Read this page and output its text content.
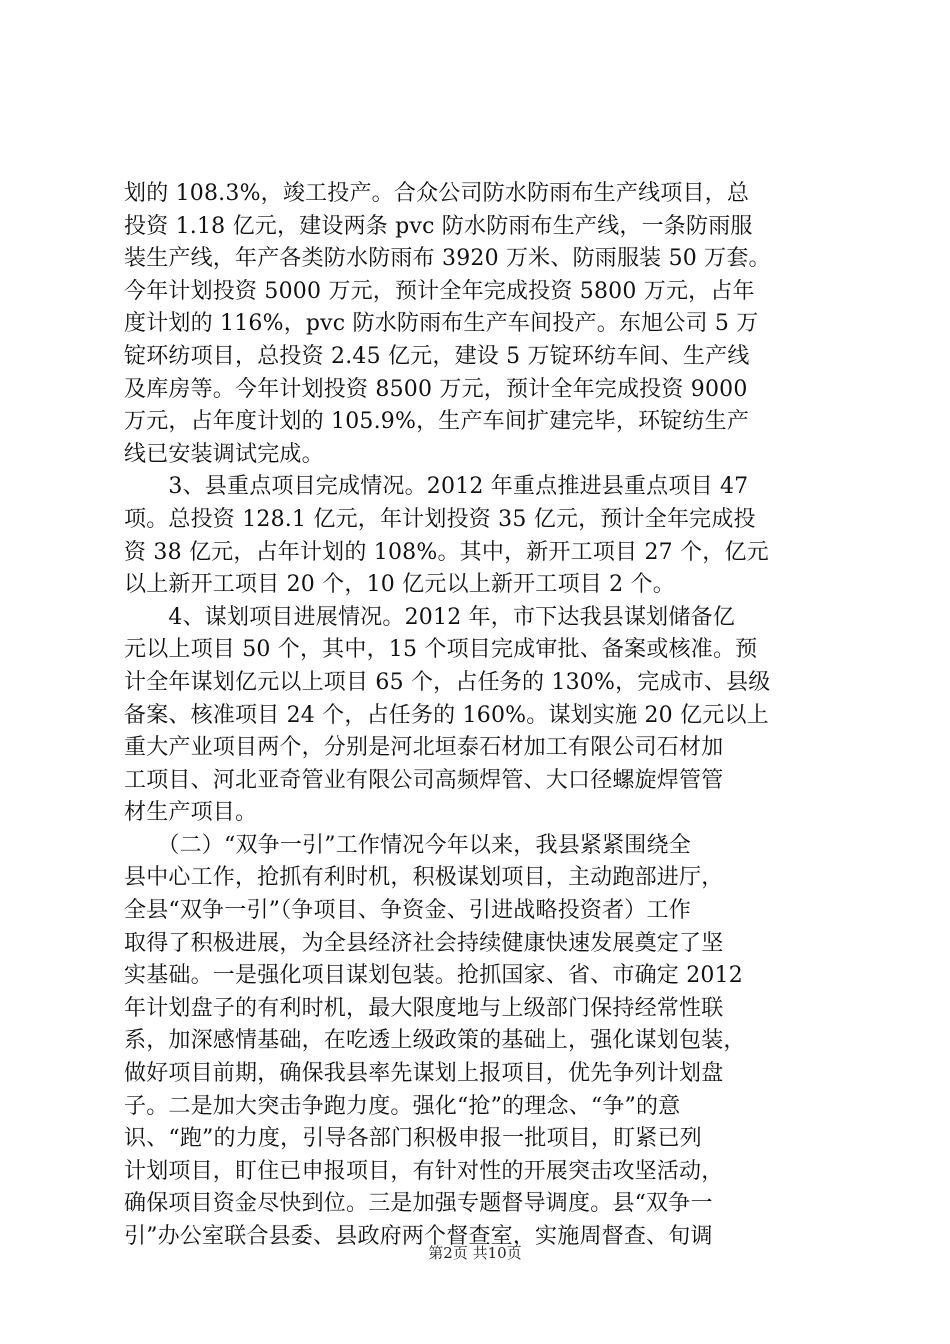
划的 108.3%，竣工投产。合众公司防水防雨布生产线项目，总
投资 1.18 亿元，建设两条 pvc 防水防雨布生产线，一条防雨服
装生产线，年产各类防水防雨布 3920 万米、防雨服装 50 万套。
今年计划投资 5000 万元，预计全年完成投资 5800 万元，占年
度计划的 116%，pvc 防水防雨布生产车间投产。东旭公司 5 万
锭环纺项目，总投资 2.45 亿元，建设 5 万锭环纺车间、生产线
及库房等。今年计划投资 8500 万元，预计全年完成投资 9000
万元，占年度计划的 105.9%，生产车间扩建完毕，环锭纺生产
线已安装调试完成。
　　3、县重点项目完成情况。2012 年重点推进县重点项目 47
项。总投资 128.1 亿元，年计划投资 35 亿元，预计全年完成投
资 38 亿元，占年计划的 108%。其中，新开工项目 27 个，亿元
以上新开工项目 20 个，10 亿元以上新开工项目 2 个。
　　4、谋划项目进展情况。2012 年，市下达我县谋划储备亿
元以上项目 50 个，其中，15 个项目完成审批、备案或核准。预
计全年谋划亿元以上项目 65 个，占任务的 130%，完成市、县级
备案、核准项目 24 个，占任务的 160%。谋划实施 20 亿元以上
重大产业项目两个，分别是河北垣泰石材加工有限公司石材加
工项目、河北亚奇管业有限公司高频焊管、大口径螺旋焊管管
材生产项目。
　　（二）“双争一引”工作情况今年以来，我县紧紧围绕全
县中心工作，抢抓有利时机，积极谋划项目，主动跑部进厅，
全县“双争一引”（争项目、争资金、引进战略投资者）工作
取得了积极进展，为全县经济社会持续健康快速发展奠定了坚
实基础。一是强化项目谋划包装。抢抓国家、省、市确定 2012
年计划盘子的有利时机，最大限度地与上级部门保持经常性联
系，加深感情基础，在吃透上级政策的基础上，强化谋划包装，
做好项目前期，确保我县率先谋划上报项目，优先争列计划盘
子。二是加大突击争跑力度。强化“抢”的理念、“争”的意
识、“跑”的力度，引导各部门积极申报一批项目，盯紧已列
计划项目，盯住已申报项目，有针对性的开展突击攻坚活动，
确保项目资金尽快到位。三是加强专题督导调度。县“双争一
引”办公室联合县委、县政府两个督查室，实施周督查、旬调
第2页 共10页
